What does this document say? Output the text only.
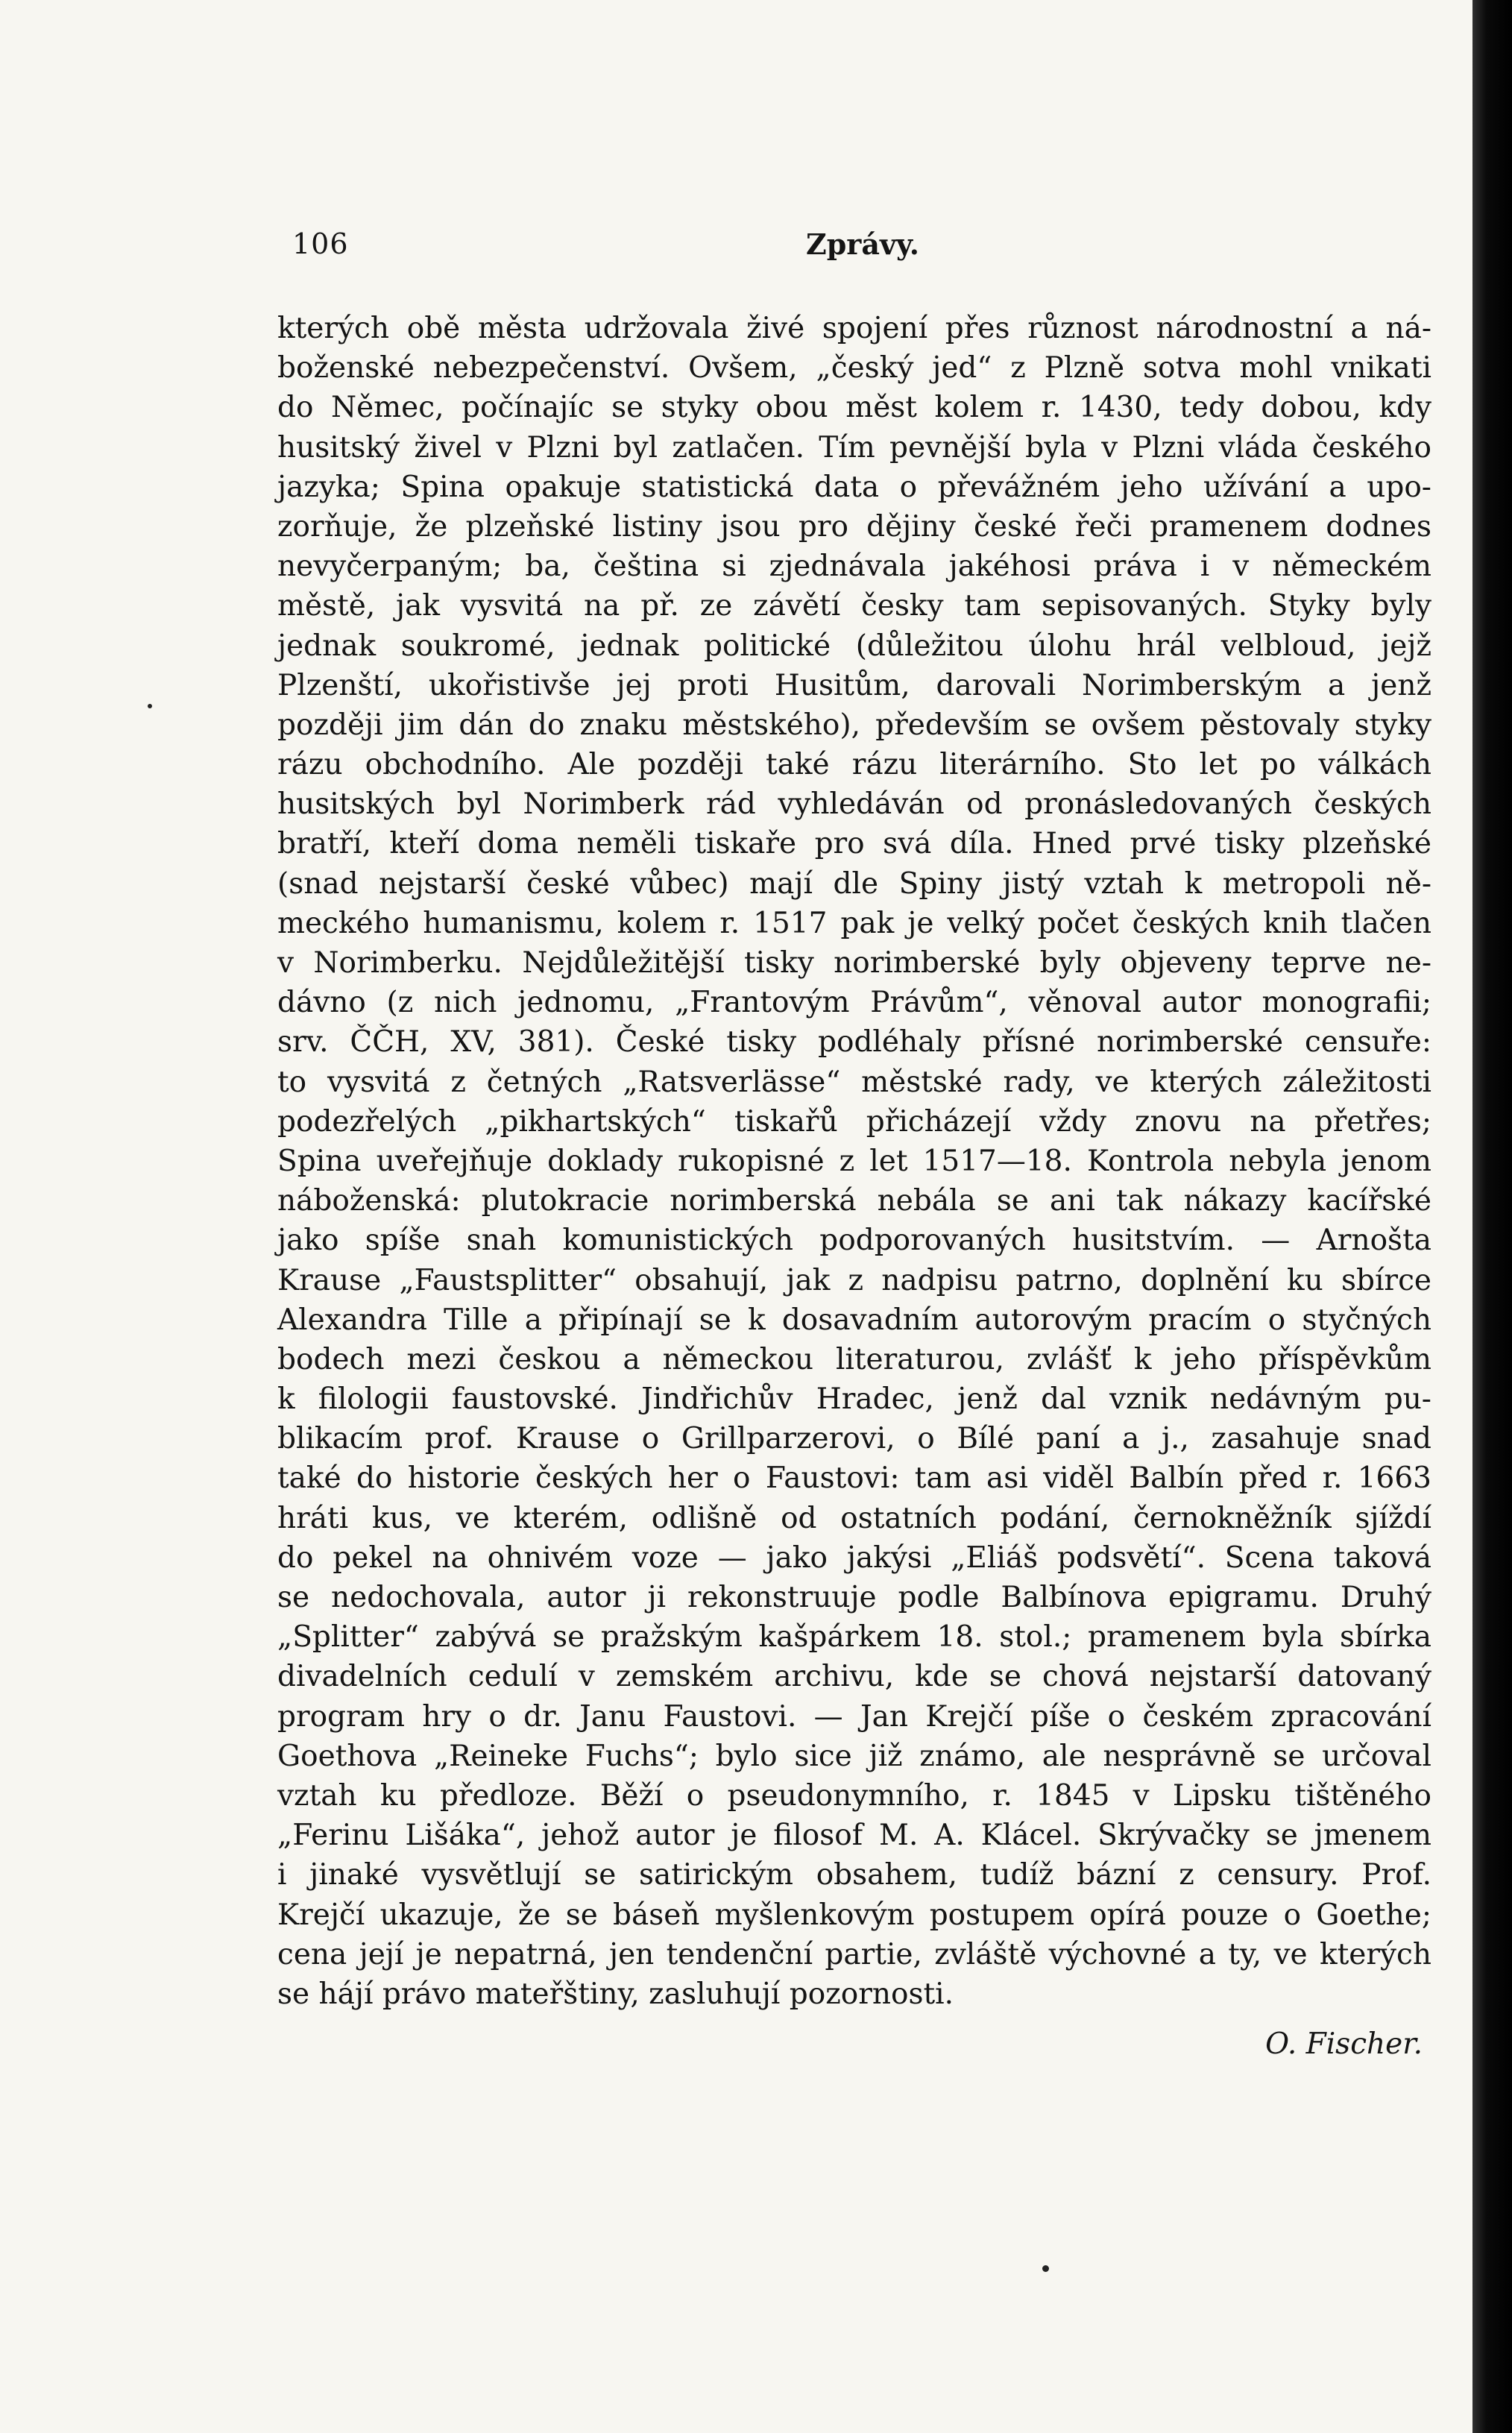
106	Zprávy.
kterých obě města udržovala živé spojení přes různost národnostní a ná-
boženské nebezpečenství. Ovšem, „český jed“ z Plzně sotva mohl vnikati
do Němec, počínajíc se styky obou měst kolem r. 1430, tedy dobou, kdy
husitský živel v Plzni byl zatlačen. Tím pevnější byla v Plzni vláda českého
jazyka; Spina opakuje statistická data o převážném jeho užívání a upo-
zorňuje, že plzeňské listiny jsou pro dějiny české řeči pramenem dodnes
nevyčerpaným; ba, čeština si zjednávala jakéhosi práva i v německém
městě, jak vysvitá na př. ze závětí česky tam sepisovaných. Styky byly
jednak soukromé, jednak politické (důležitou úlohu hrál velbloud, jejž
Plzenští, ukořistivše jej proti Husitům, darovali Norimberským a jenž
později jim dán do znaku městského), především se ovšem pěstovaly styky
rázu obchodního. Ale později také rázu literárního. Sto let po válkách
husitských byl Norimberk rád vyhledáván od pronásledovaných českých
bratří, kteří doma neměli tiskaře pro svá díla. Hned prvé tisky plzeňské
(snad nejstarší české vůbec) mají dle Spiny jistý vztah k metropoli ně-
meckého humanismu, kolem r. 1517 pak je velký počet českých knih tlačen
v Norimberku. Nejdůležitější tisky norimberské byly objeveny teprve ne-
dávno (z nich jednomu, „Frantovým Právům“, věnoval autor monografii;
srv. ČČH, XV, 381). České tisky podléhaly přísné norimberské censuře:
to vysvitá z četných „Ratsverlässe“ městské rady, ve kterých záležitosti
podezřelých „pikhartských“ tiskařů přicházejí vždy znovu na přetřes;
Spina uveřejňuje doklady rukopisné z let 1517—18. Kontrola nebyla jenom
náboženská: plutokracie norimberská nebála se ani tak nákazy kacířské
jako spíše snah komunistických podporovaných husitstvím. — Arnošta
Krause „Faustsplitter“ obsahují, jak z nadpisu patrno, doplnění ku sbírce
Alexandra Tille a připínají se k dosavadním autorovým pracím o styčných
bodech mezi českou a německou literaturou, zvlášť k jeho příspěvkům
k filologii faustovské. Jindřichův Hradec, jenž dal vznik nedávným pu-
blikacím prof. Krause o Grillparzerovi, o Bílé paní a j., zasahuje snad
také do historie českých her o Faustovi: tam asi viděl Balbín před r. 1663
hráti kus, ve kterém, odlišně od ostatních podání, černokněžník sjíždí
do pekel na ohnivém voze — jako jakýsi „Eliáš podsvětí“. Scena taková
se nedochovala, autor ji rekonstruuje podle Balbínova epigramu. Druhý
„Splitter“ zabývá se pražským kašpárkem 18. stol.; pramenem byla sbírka
divadelních cedulí v zemském archivu, kde se chová nejstarší datovaný
program hry o dr. Janu Faustovi. — Jan Krejčí píše o českém zpracování
Goethova „Reineke Fuchs“; bylo sice již známo, ale nesprávně se určoval
vztah ku předloze. Běží o pseudonymního, r. 1845 v Lipsku tištěného
„Ferinu Lišáka“, jehož autor je filosof M. A. Klácel. Skrývačky se jmenem
i jinaké vysvětlují se satirickým obsahem, tudíž bázní z censury. Prof.
Krejčí ukazuje, že se báseň myšlenkovým postupem opírá pouze o Goethe;
cena její je nepatrná, jen tendenční partie, zvláště výchovné a ty, ve kterých
se hájí právo mateřštiny, zasluhují pozornosti.
O. Fischer.
